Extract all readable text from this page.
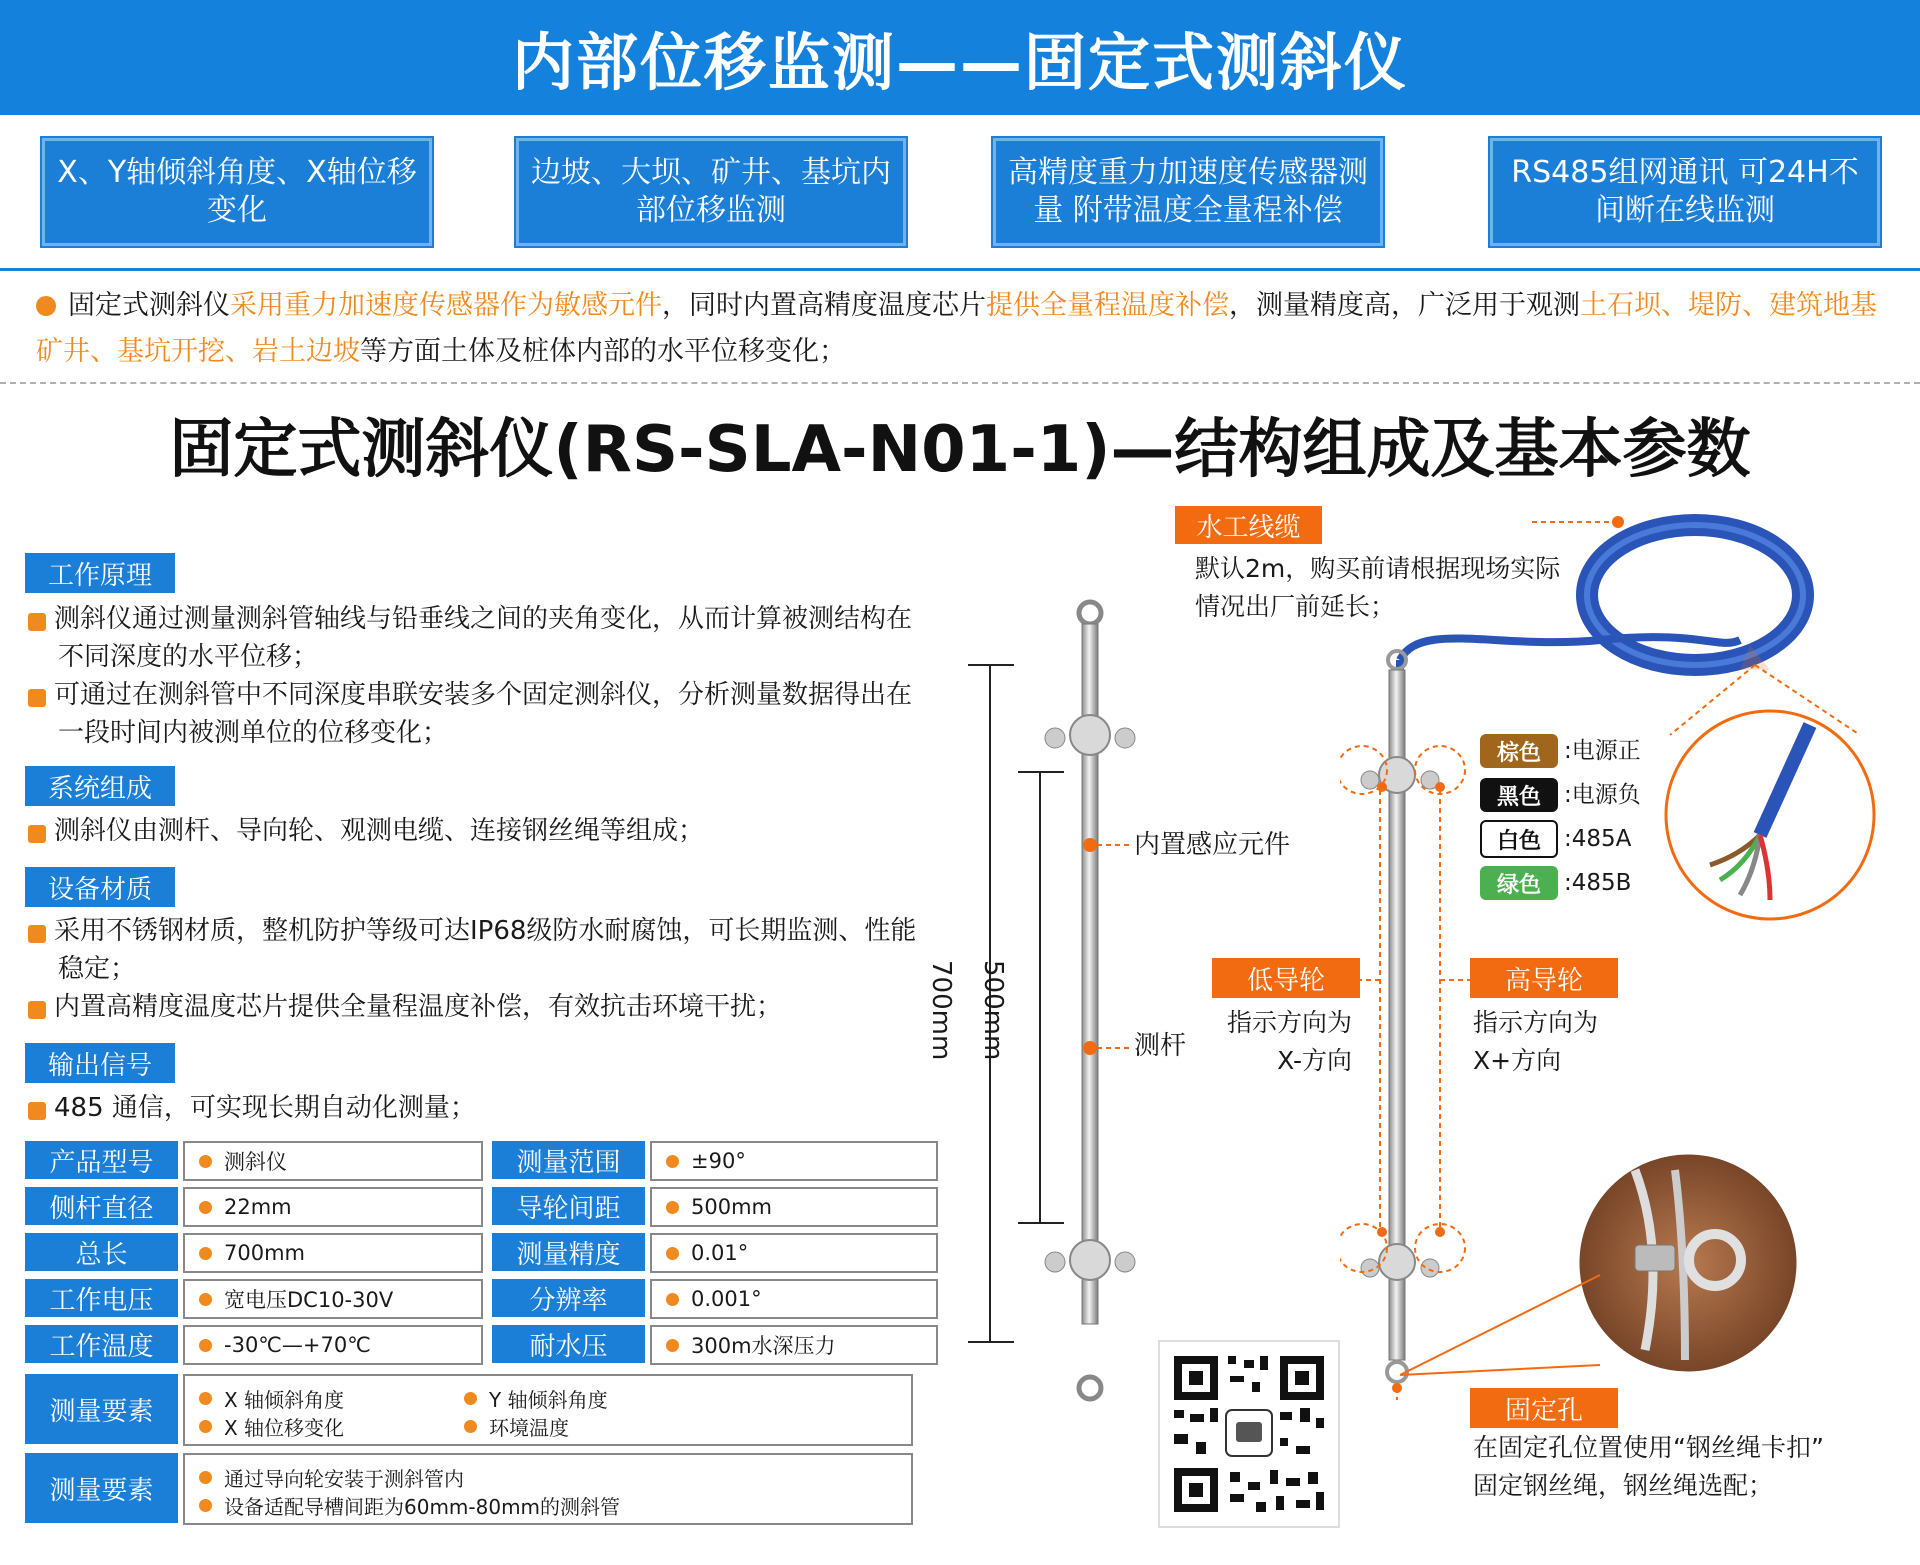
内部位移监测——固定式测斜仪
X、Y轴倾斜角度、X轴位移变化
边坡、大坝、矿井、基坑内部位移监测
高精度重力加速度传感器测量 附带温度全量程补偿
RS485组网通讯 可24H不间断在线监测
固定式测斜仪采用重力加速度传感器作为敏感元件，同时内置高精度温度芯片提供全量程温度补偿，测量精度高，广泛用于观测土石坝、堤防、建筑地基矿井、基坑开挖、岩土边坡等方面土体及桩体内部的水平位移变化；
固定式测斜仪(RS-SLA-N01-1)—结构组成及基本参数
工作原理
1 测斜仪通过测量测斜管轴线与铅垂线之间的夹角变化，从而计算被测结构在不同深度的水平位移；
2 可通过在测斜管中不同深度串联安装多个固定测斜仪，分析测量数据得出在一段时间内被测单位的位移变化；
系统组成
1 测斜仪由测杆、导向轮、观测电缆、连接钢丝绳等组成；
设备材质
1 采用不锈钢材质，整机防护等级可达IP68级防水耐腐蚀，可长期监测、性能稳定；
2 内置高精度温度芯片提供全量程温度补偿，有效抗击环境干扰；
输出信号
1 485 通信，可实现长期自动化测量；
产品型号	测斜仪	测量范围	±90°
侧杆直径	22mm	导轮间距	500mm
总长	700mm	测量精度	0.01°
工作电压	宽电压DC10-30V	分辨率	0.001°
工作温度	-30℃—+70℃	耐水压	300m水深压力
测量要素	X 轴倾斜角度	Y 轴倾斜角度
X 轴位移变化	环境温度
测量要素	通过导向轮安装于测斜管内
设备适配导槽间距为60mm-80mm的测斜管
700mm 500mm
内置感应元件
测杆
水工线缆
默认2m，购买前请根据现场实际
情况出厂前延长；
棕色	:电源正
黑色	:电源负
白色	:485A
绿色	:485B
低导轮
指示方向为
X-方向
高导轮
指示方向为
X+方向
固定孔
在固定孔位置使用“钢丝绳卡扣”
固定钢丝绳，钢丝绳选配；
